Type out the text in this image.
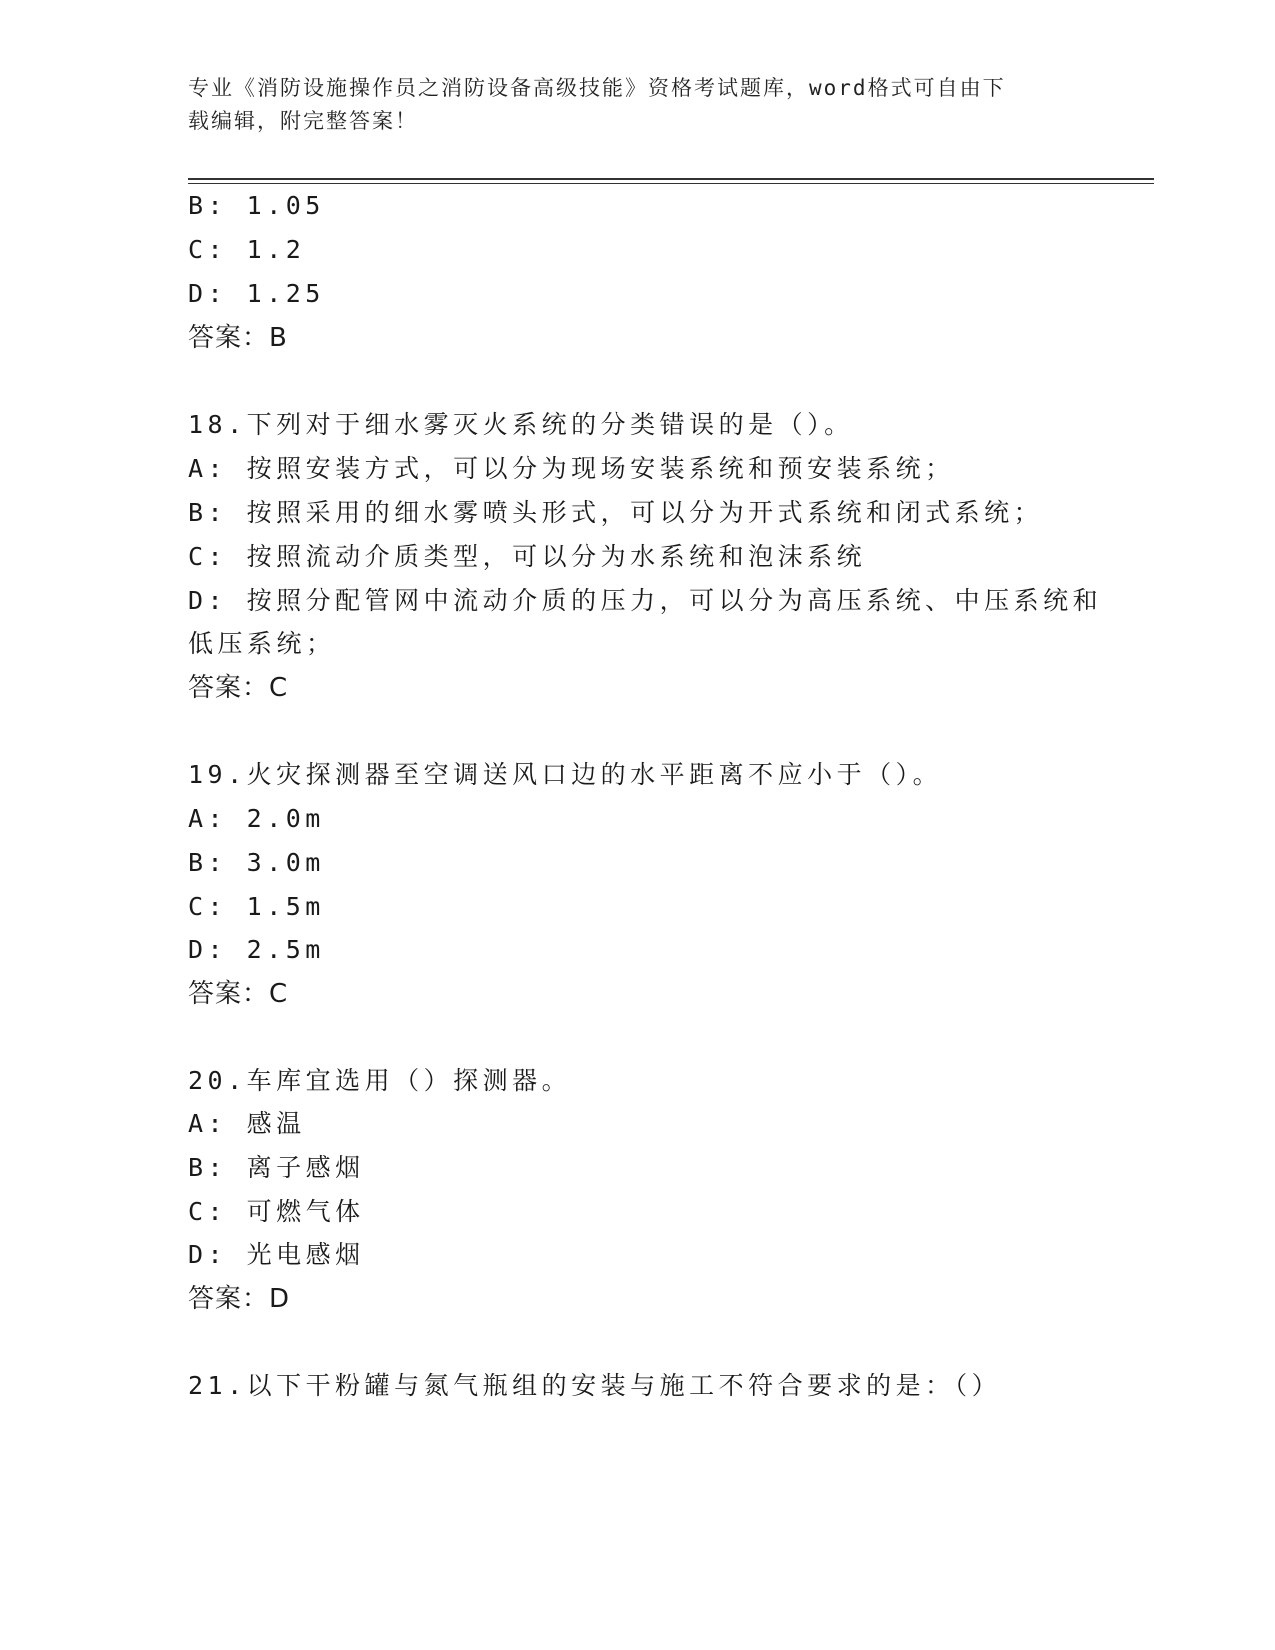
专业《消防设施操作员之消防设备高级技能》资格考试题库，word格式可自由下
载编辑，附完整答案！
B: 1.05
C: 1.2
D: 1.25
答案：B
18.下列对于细水雾灭火系统的分类错误的是（）。
A: 按照安装方式，可以分为现场安装系统和预安装系统；
B: 按照采用的细水雾喷头形式，可以分为开式系统和闭式系统；
C: 按照流动介质类型，可以分为水系统和泡沫系统
D: 按照分配管网中流动介质的压力，可以分为高压系统、中压系统和
低压系统；
答案：C
19.火灾探测器至空调送风口边的水平距离不应小于（）。
A: 2.0m
B: 3.0m
C: 1.5m
D: 2.5m
答案：C
20.车库宜选用（）探测器。
A: 感温
B: 离子感烟
C: 可燃气体
D: 光电感烟
答案：D
21.以下干粉罐与氮气瓶组的安装与施工不符合要求的是：（）
